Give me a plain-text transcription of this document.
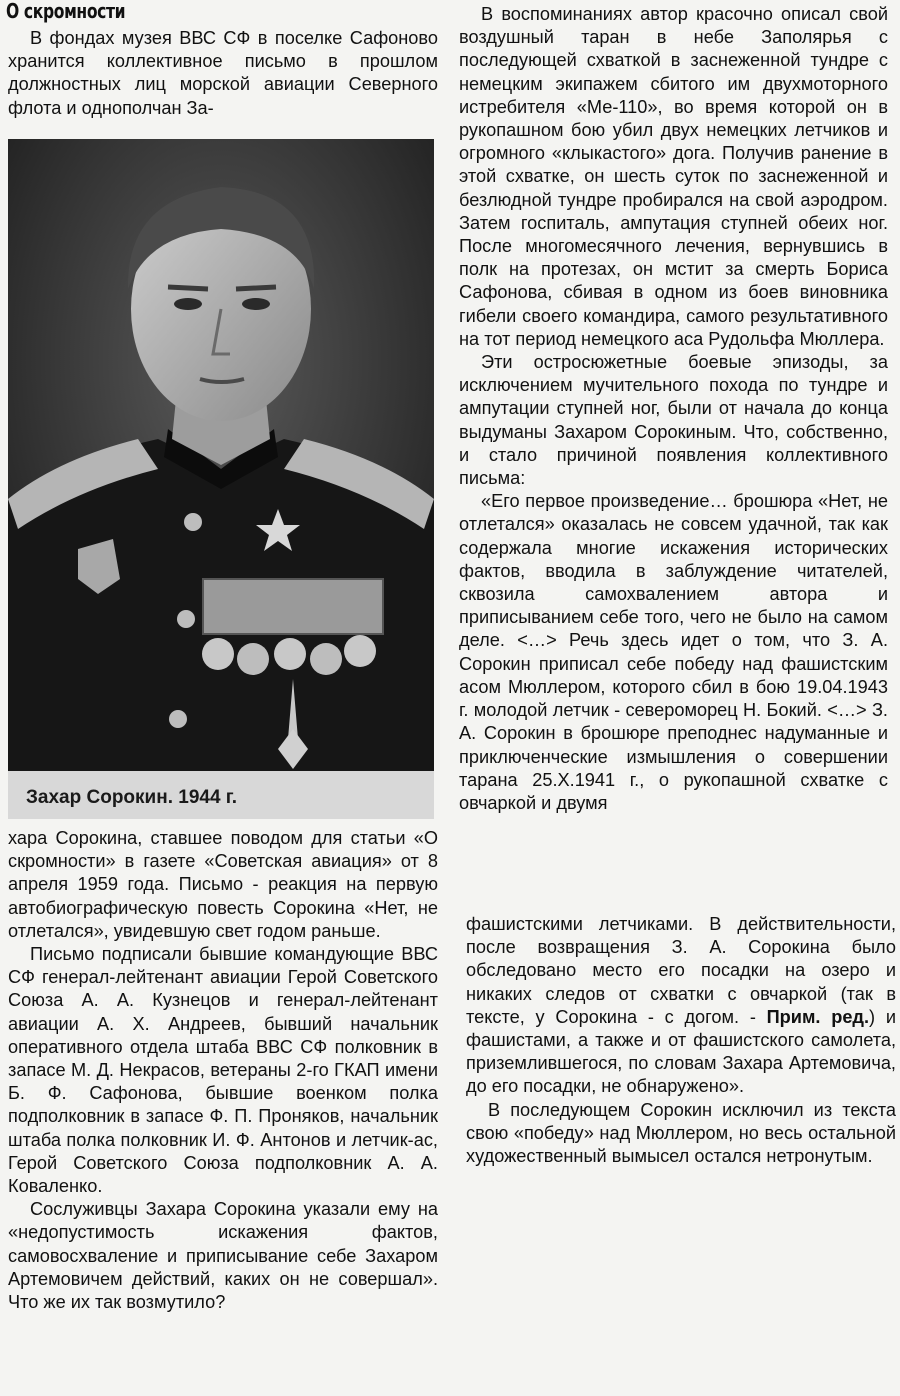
О скромности

В фондах музея ВВС СФ в поселке Сафоново хранится коллективное письмо в прошлом должностных лиц морской авиации Северного флота и однополчан За-

Захар Сорокин. 1944 г.

хара Сорокина, ставшее поводом для статьи «О скромности» в газете «Советская авиация» от 8 апреля 1959 года. Письмо - реакция на первую автобиографическую повесть Сорокина «Нет, не отлетался», увидевшую свет годом раньше.

Письмо подписали бывшие командующие ВВС СФ генерал-лейтенант авиации Герой Советского Союза А. А. Кузнецов и генерал-лейтенант авиации А. Х. Андреев, бывший начальник оперативного отдела штаба ВВС СФ полковник в запасе М. Д. Некрасов, ветераны 2-го ГКАП имени Б. Ф. Сафонова, бывшие военком полка подполковник в запасе Ф. П. Проняков, начальник штаба полка полковник И. Ф. Антонов и летчик-ас, Герой Советского Союза подполковник А. А. Коваленко.

Сослуживцы Захара Сорокина указали ему на «недопустимость искажения фактов, самовосхваление и приписывание себе Захаром Артемовичем действий, каких он не совершал». Что же их так возмутило?

В воспоминаниях автор красочно описал свой воздушный таран в небе Заполярья с последующей схваткой в заснеженной тундре с немецким экипажем сбитого им двухмоторного истребителя «Ме-110», во время которой он в рукопашном бою убил двух немецких летчиков и огромного «клыкастого» дога. Получив ранение в этой схватке, он шесть суток по заснеженной и безлюдной тундре пробирался на свой аэродром. Затем госпиталь, ампутация ступней обеих ног. После многомесячного лечения, вернувшись в полк на протезах, он мстит за смерть Бориса Сафонова, сбивая в одном из боев виновника гибели своего командира, самого результативного на тот период немецкого аса Рудольфа Мюллера.

Эти остросюжетные боевые эпизоды, за исключением мучительного похода по тундре и ампутации ступней ног, были от начала до конца выдуманы Захаром Сорокиным. Что, собственно, и стало причиной появления коллективного письма:

«Его первое произведение… брошюра «Нет, не отлетался» оказалась не совсем удачной, так как содержала многие искажения исторических фактов, вводила в заблуждение читателей, сквозила самохвалением автора и приписыванием себе того, чего не было на самом деле. <…> Речь здесь идет о том, что З. А. Сорокин приписал себе победу над фашистским асом Мюллером, которого сбил в бою 19.04.1943 г. молодой летчик - североморец Н. Бокий. <…> З. А. Сорокин в брошюре преподнес надуманные и приключенческие измышления о совершении тарана 25.X.1941 г., о рукопашной схватке с овчаркой и двумя

фашистскими летчиками. В действительности, после возвращения З. А. Сорокина было обследовано место его посадки на озеро и никаких следов от схватки с овчаркой (так в тексте, у Сорокина - с догом. - Прим. ред.) и фашистами, а также и от фашистского самолета, приземлившегося, по словам Захара Артемовича, до его посадки, не обнаружено».

В последующем Сорокин исключил из текста свою «победу» над Мюллером, но весь остальной художественный вымысел остался нетронутым.
